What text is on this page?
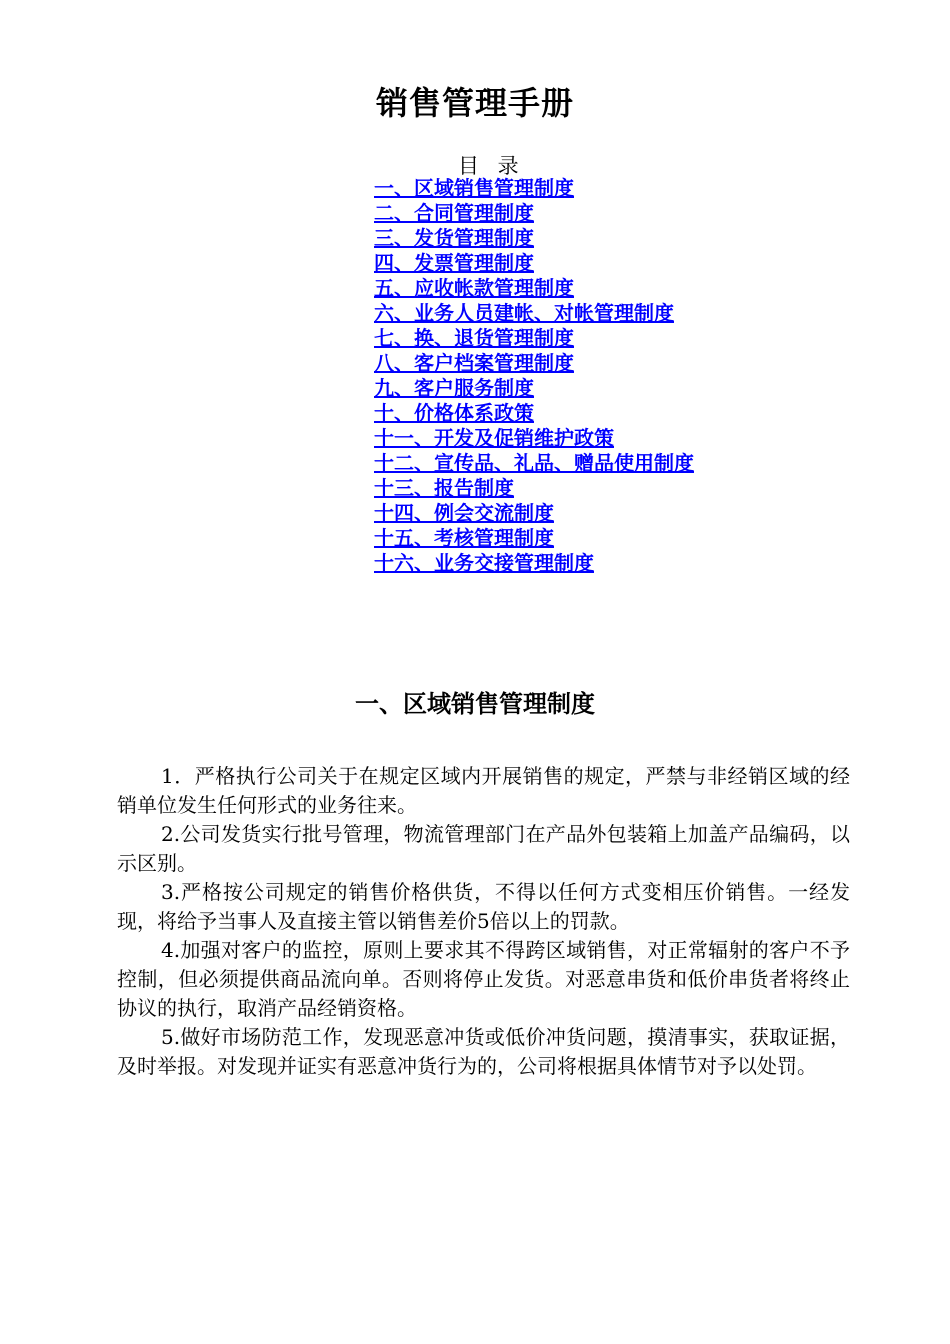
销售管理手册
目 录
一、区域销售管理制度
二、合同管理制度
三、发货管理制度
四、发票管理制度
五、应收帐款管理制度
六、业务人员建帐、对帐管理制度
七、换、退货管理制度
八、客户档案管理制度
九、客户服务制度
十、价格体系政策
十一、开发及促销维护政策
十二、宣传品、礼品、赠品使用制度
十三、报告制度
十四、例会交流制度
十五、考核管理制度
十六、业务交接管理制度
一、区域销售管理制度

1．严格执行公司关于在规定区域内开展销售的规定，严禁与非经销区域的经销单位发生任何形式的业务往来。

2.公司发货实行批号管理，物流管理部门在产品外包装箱上加盖产品编码，以示区别。

3.严格按公司规定的销售价格供货，不得以任何方式变相压价销售。一经发现，将给予当事人及直接主管以销售差价5倍以上的罚款。

4.加强对客户的监控，原则上要求其不得跨区域销售，对正常辐射的客户不予控制，但必须提供商品流向单。否则将停止发货。对恶意串货和低价串货者将终止协议的执行，取消产品经销资格。

5.做好市场防范工作，发现恶意冲货或低价冲货问题，摸清事实，获取证据，及时举报。对发现并证实有恶意冲货行为的，公司将根据具体情节对予以处罚。
